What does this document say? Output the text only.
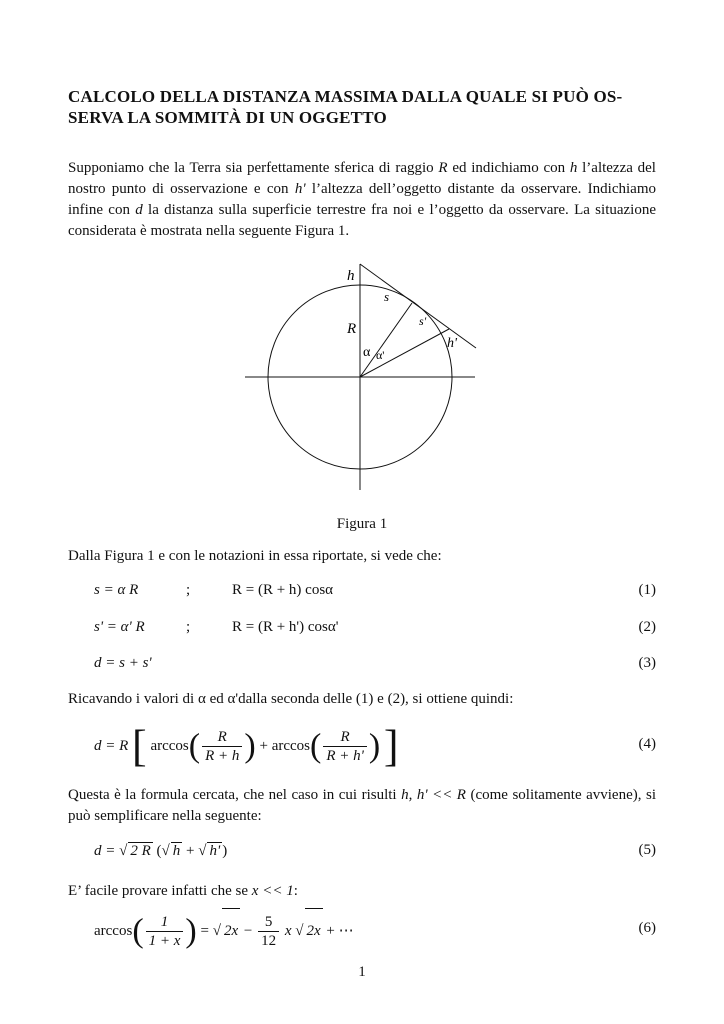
CALCOLO DELLA DISTANZA MASSIMA DALLA QUALE SI PUÒ OS-SERVA LA SOMMITÀ DI UN OGGETTO
Supponiamo che la Terra sia perfettamente sferica di raggio R ed indichiamo con h l’altezza del nostro punto di osservazione e con h' l’altezza dell’oggetto distante da osservare. Indichiamo infine con d la distanza sulla superficie terrestre fra noi e l’oggetto da osservare. La situazione considerata è mostrata nella seguente Figura 1.
h
s
R	s'
h'
α α'
Figura 1
Dalla Figura 1 e con le notazioni in essa riportate, si vede che:
s = α R	;	R = (R + h) cosα	(1)
s' = α' R	;	R = (R + h') cosα'	(2)
d = s + s'	(3)
Ricavando i valori di α ed α'dalla seconda delle (1) e (2), si ottiene quindi:
d = R [ $\arccos( \frac{R}{R + h}$ ) + $\arccos( \frac{R}{R + h'}$ ) ]	(4)
Questa è la formula cercata, che nel caso in cui risulti h, h' << R (come solitamente avviene), si può semplificare nella seguente:
d = √ 2 R (√ h + √ h' )	(5)
E’ facile provare infatti che se x << 1:
$\arccos( \frac{1}{1 + x}$ ) = √ $2x - \frac{5}{12}$ x √ 2x + ⋯	(6)
1
